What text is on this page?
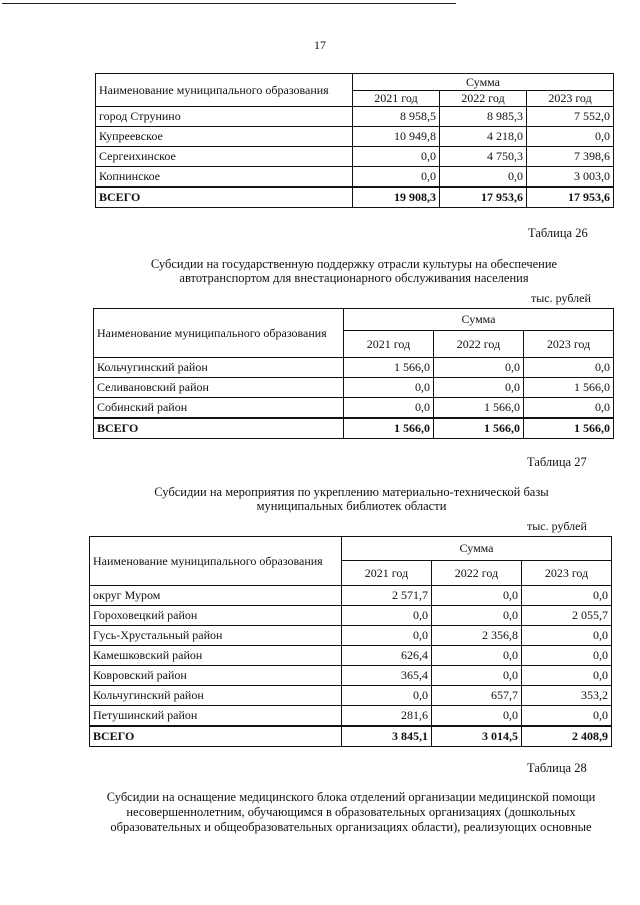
17
Наименование муниципального образования	Сумма		
	2021 год	2022 год	2023 год
город Струнино	8 958,5	8 985,3	7 552,0
Купреевское	10 949,8	4 218,0	0,0
Сергеихинское	0,0	4 750,3	7 398,6
Копнинское	0,0	0,0	3 003,0
ВСЕГО	19 908,3	17 953,6	17 953,6
Таблица 26
Субсидии на государственную поддержку отрасли культуры на обеспечение
автотранспортом для внестационарного обслуживания населения
тыс. рублей
Наименование муниципального образования	Сумма		
	2021 год	2022 год	2023 год
Кольчугинский район	1 566,0	0,0	0,0
Селивановский район	0,0	0,0	1 566,0
Собинский район	0,0	1 566,0	0,0
ВСЕГО	1 566,0	1 566,0	1 566,0
Таблица 27
Субсидии на мероприятия по укреплению материально-технической базы
муниципальных библиотек области
тыс. рублей
Наименование муниципального образования	Сумма		
	2021 год	2022 год	2023 год
округ Муром	2 571,7	0,0	0,0
Гороховецкий район	0,0	0,0	2 055,7
Гусь-Хрустальный район	0,0	2 356,8	0,0
Камешковский район	626,4	0,0	0,0
Ковровский район	365,4	0,0	0,0
Кольчугинский район	0,0	657,7	353,2
Петушинский район	281,6	0,0	0,0
ВСЕГО	3 845,1	3 014,5	2 408,9
Таблица 28
Субсидии на оснащение медицинского блока отделений организации медицинской помощи
несовершеннолетним, обучающимся в образовательных организациях (дошкольных
образовательных и общеобразовательных организациях области), реализующих основные
